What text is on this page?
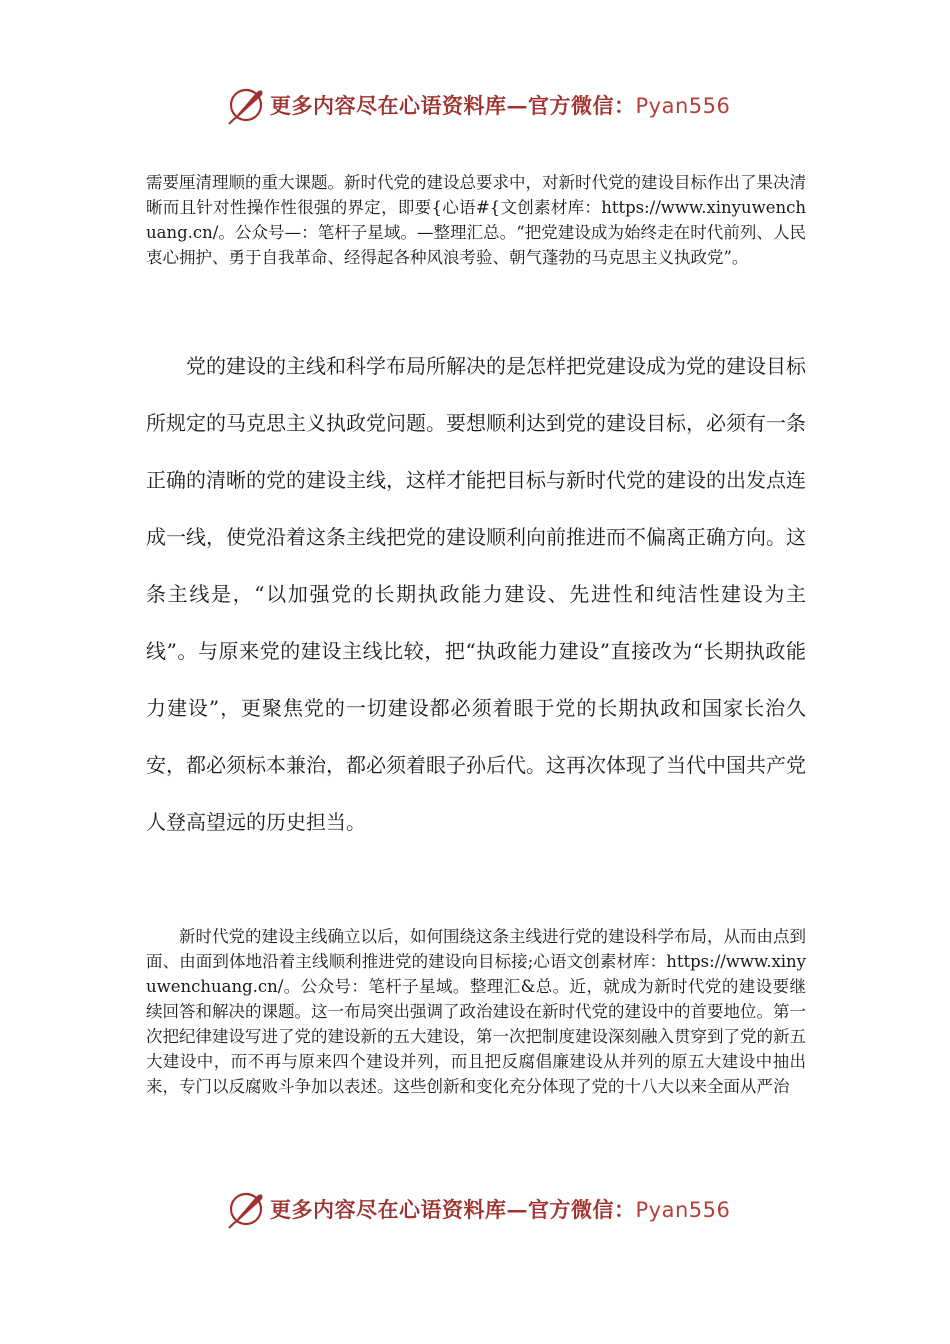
更多内容尽在心语资料库—官方微信：Pyan556

需要厘清理顺的重大课题。新时代党的建设总要求中，对新时代党的建设目标作出了果决清晰而且针对性操作性很强的界定，即要{心语#{文创素材库：https://www.xinyuwenchuang.cn/。公众号—：笔杆子星域。—整理汇总。“把党建设成为始终走在时代前列、人民衷心拥护、勇于自我革命、经得起各种风浪考验、朝气蓬勃的马克思主义执政党”。

党的建设的主线和科学布局所解决的是怎样把党建设成为党的建设目标所规定的马克思主义执政党问题。要想顺利达到党的建设目标，必须有一条正确的清晰的党的建设主线，这样才能把目标与新时代党的建设的出发点连成一线，使党沿着这条主线把党的建设顺利向前推进而不偏离正确方向。这条主线是，“以加强党的长期执政能力建设、先进性和纯洁性建设为主线”。与原来党的建设主线比较，把“执政能力建设”直接改为“长期执政能力建设”，更聚焦党的一切建设都必须着眼于党的长期执政和国家长治久安，都必须标本兼治，都必须着眼子孙后代。这再次体现了当代中国共产党人登高望远的历史担当。

新时代党的建设主线确立以后，如何围绕这条主线进行党的建设科学布局，从而由点到面、由面到体地沿着主线顺利推进党的建设向目标接;心语文创素材库：https://www.xinyuwenchuang.cn/。公众号：笔杆子星域。整理汇&总。近，就成为新时代党的建设要继续回答和解决的课题。这一布局突出强调了政治建设在新时代党的建设中的首要地位。第一次把纪律建设写进了党的建设新的五大建设，第一次把制度建设深刻融入贯穿到了党的新五大建设中，而不再与原来四个建设并列，而且把反腐倡廉建设从并列的原五大建设中抽出来，专门以反腐败斗争加以表述。这些创新和变化充分体现了党的十八大以来全面从严治

更多内容尽在心语资料库—官方微信：Pyan556
